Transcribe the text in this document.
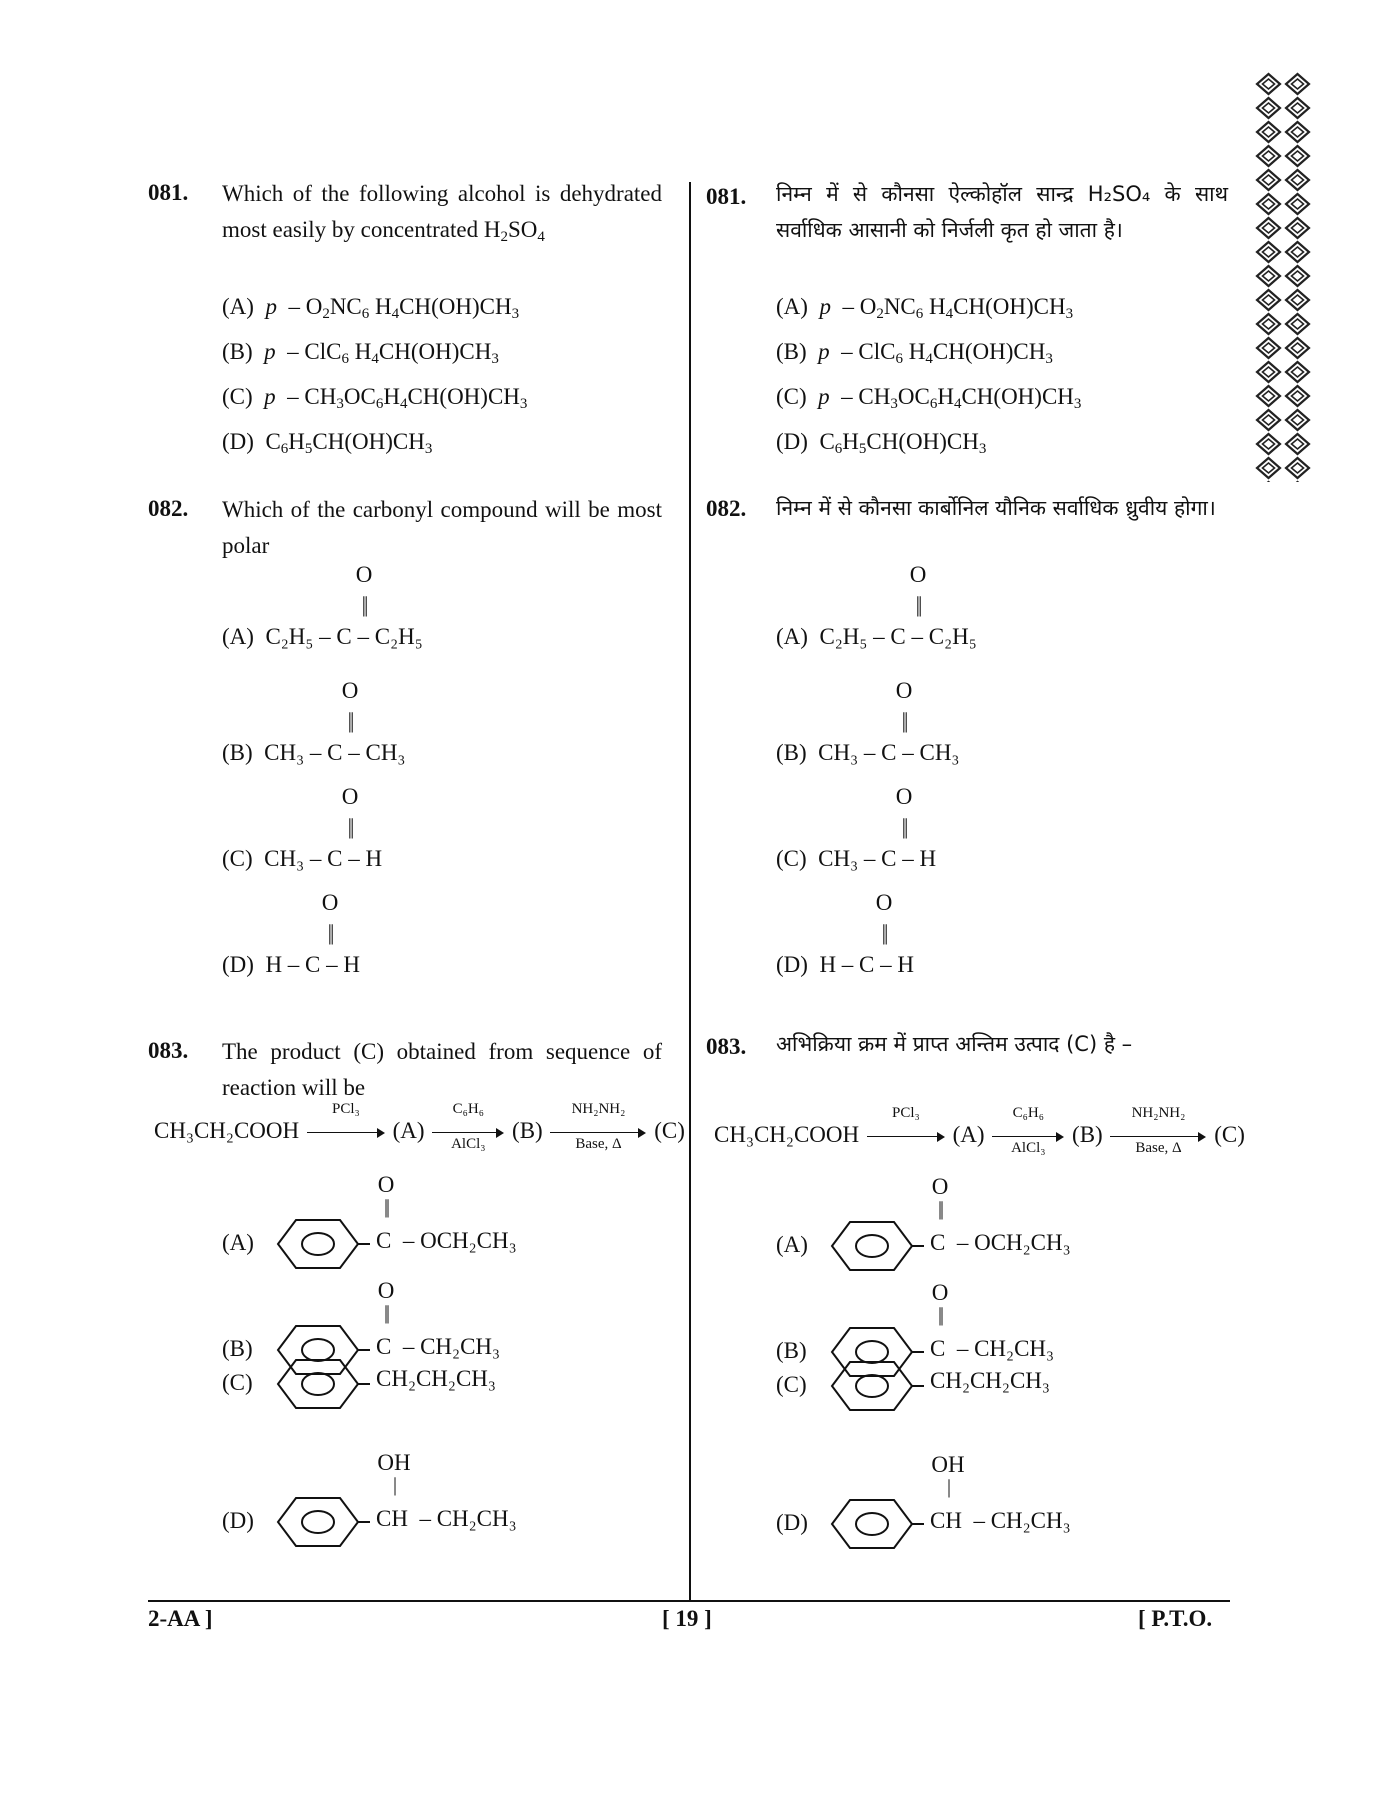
081. Which of the following alcohol is dehydrated most easily by concentrated $H_2SO_4$
(A) p  – $O_2NC_6$ $H_4CH(OH)CH_3$
(B) p  – ClC$_6$ $H_4CH(OH)CH_3$
(C) p  – $CH_3OC_6H_4CH(OH)CH_3$
(D)  $C_6H_5CH(OH)CH_3$
082. Which of the carbonyl compound will be most polar
O
||
(A) C₂H₅ – C – C₂H₅
O
||
(B) CH₃ – C – CH₃
O
||
(C) CH₃ – C – H
O
||
(D) H – C – H
083. The product (C) obtained from sequence of reaction will be
CH₃CH₂COOH
PCl₃
(A)
C₆H₆
AlCl₃
(B)
NH₂NH₂
Base, Δ
(C)
(A)
O
||
C – OCH₂CH₃
(B)
O
||
C – CH₂CH₃
(C)	CH₂CH₂CH₃
(D)
OH
|
CH – CH₂CH₃
081. निम्न में से कौनसा ऐल्कोहॉल सान्द्र H₂SO₄ के साथ सर्वाधिक आसानी को निर्जली कृत हो जाता है।
(A) p  – $O_2NC_6$ $H_4CH(OH)CH_3$
(B) p  – ClC$_6$ $H_4CH(OH)CH_3$
(C) p  – $CH_3OC_6H_4CH(OH)CH_3$
(D)  $C_6H_5CH(OH)CH_3$
082. निम्न में से कौनसा कार्बोनिल यौनिक सर्वाधिक ध्रुवीय होगा।
O
||
(A) C₂H₅ – C – C₂H₅
O
||
(B) CH₃ – C – CH₃
O
||
(C) CH₃ – C – H
O
||
(D) H – C – H
083. अभिक्रिया क्रम में प्राप्त अन्तिम उत्पाद (C) है –
CH₃CH₂COOH
PCl₃
(A)
C₆H₆
AlCl₃
(B)
NH₂NH₂
Base, Δ
(C)
(A)
O
||
C – OCH₂CH₃
(B)
O
||
C – CH₂CH₃
(C)	CH₂CH₂CH₃
(D)
OH
|
CH – CH₂CH₃
2-AA ]	[ 19 ]	[ P.T.O.
